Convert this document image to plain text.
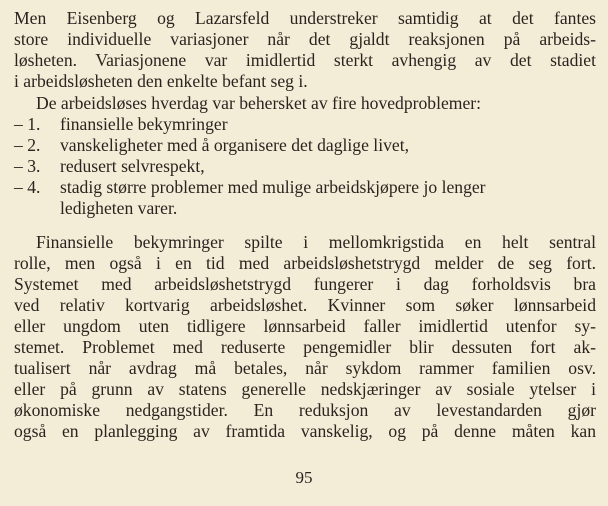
Men Eisenberg og Lazarsfeld understreker samtidig at det fantes
store individuelle variasjoner når det gjaldt reaksjonen på arbeids-
løsheten. Variasjonene var imidlertid sterkt avhengig av det stadiet
i arbeidsløsheten den enkelte befant seg i.
De arbeidsløses hverdag var behersket av fire hovedproblemer:
– 1.	finansielle bekymringer
– 2.	vanskeligheter med å organisere det daglige livet,
– 3.	redusert selvrespekt,
– 4.	stadig større problemer med mulige arbeidskjøpere jo lenger
ledigheten varer.
Finansielle bekymringer spilte i mellomkrigstida en helt sentral
rolle, men også i en tid med arbeidsløshetstrygd melder de seg fort.
Systemet med arbeidsløshetstrygd fungerer i dag forholdsvis bra
ved relativ kortvarig arbeidsløshet. Kvinner som søker lønnsarbeid
eller ungdom uten tidligere lønnsarbeid faller imidlertid utenfor sy-
stemet. Problemet med reduserte pengemidler blir dessuten fort ak-
tualisert når avdrag må betales, når sykdom rammer familien osv.
eller på grunn av statens generelle nedskjæringer av sosiale ytelser i
økonomiske nedgangstider. En reduksjon av levestandarden gjør
også en planlegging av framtida vanskelig, og på denne måten kan
95
